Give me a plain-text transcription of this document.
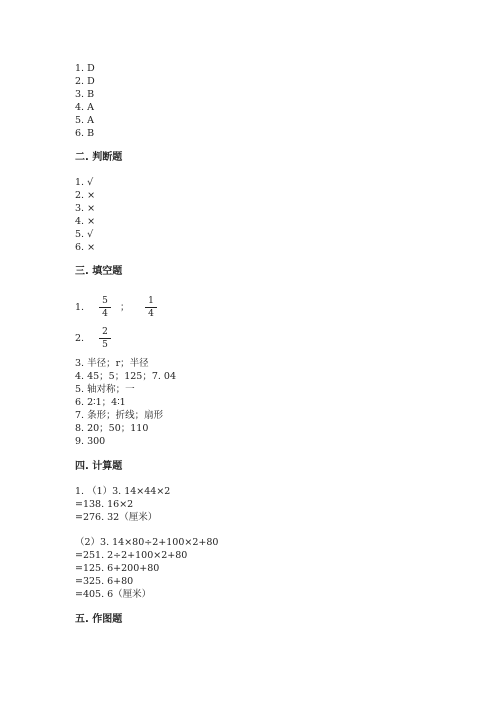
1. D
2. D
3. B
4. A
5. A
6. B
二. 判断题
1. √
2. ×
3. ×
4. ×
5. √
6. ×
三. 填空题
1.
5
4
；
1
4
2.
2
5
3. 半径；r；半径
4. 45；5；125；7. 04
5. 轴对称；一
6. 2∶1；4∶1
7. 条形；折线；扇形
8. 20；50；110
9. 300
四. 计算题
1. （1）3. 14×44×2
=138. 16×2
=276. 32（厘米）
（2）3. 14×80÷2+100×2+80
=251. 2÷2+100×2+80
=125. 6+200+80
=325. 6+80
=405. 6（厘米）
五. 作图题
